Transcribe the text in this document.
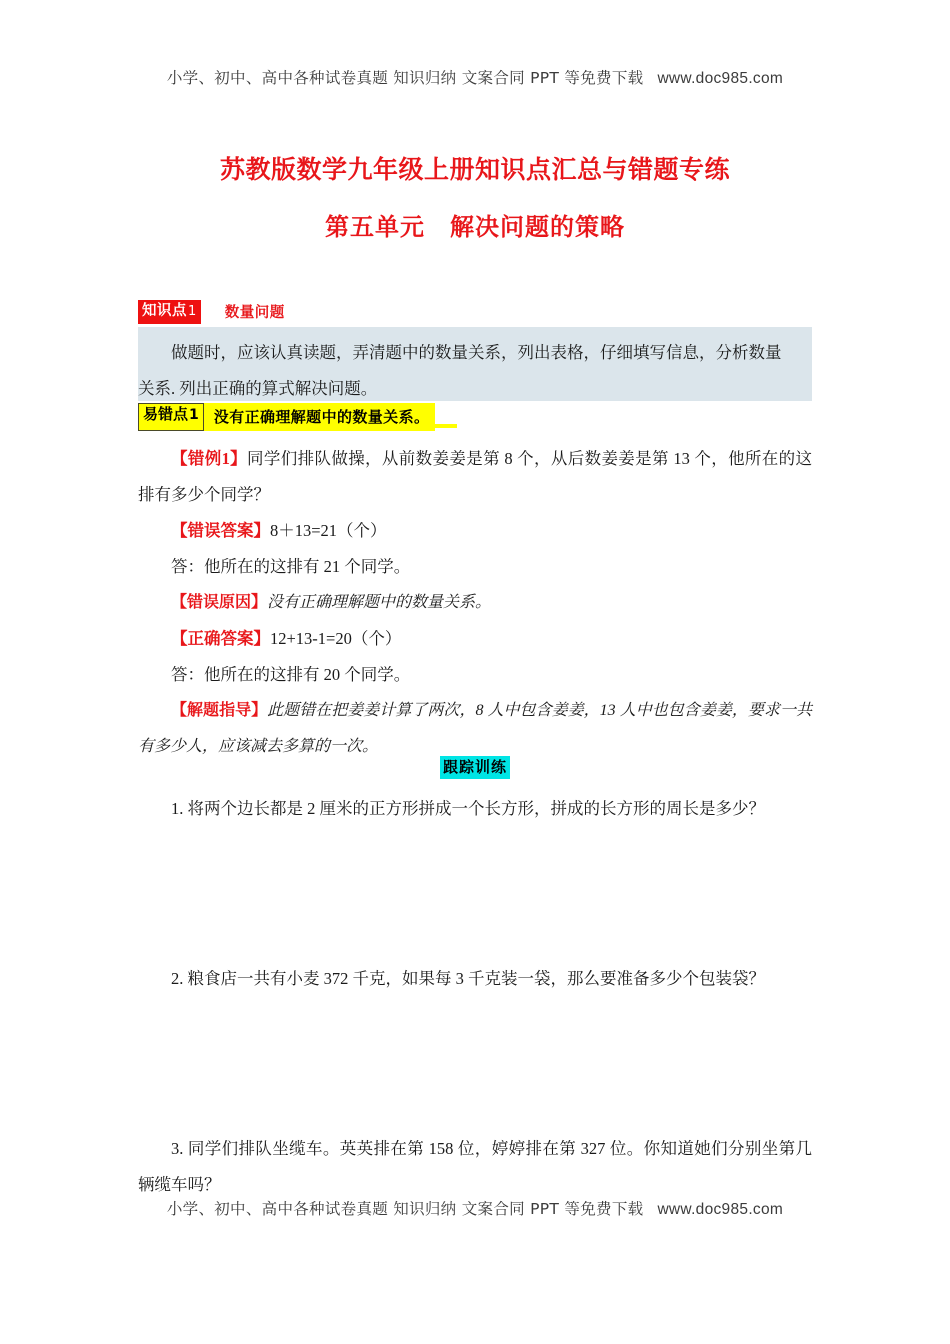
小学、初中、高中各种试卷真题 知识归纳 文案合同 PPT 等免费下载 www.doc985.com
苏教版数学九年级上册知识点汇总与错题专练
第五单元　解决问题的策略
知识点1 数量问题

做题时，应该认真读题，弄清题中的数量关系，列出表格，仔细填写信息，分析数量

关系. 列出正确的算式解决问题。

易错点1	没有正确理解题中的数量关系。

【错例1】同学们排队做操，从前数姜姜是第 8 个，从后数姜姜是第 13 个，他所在的这排有多少个同学？

【错误答案】8＋13=21（个）

答：他所在的这排有 21 个同学。

【错误原因】没有正确理解题中的数量关系。

【正确答案】12+13-1=20（个）

答：他所在的这排有 20 个同学。

【解题指导】此题错在把姜姜计算了两次，8 人中包含姜姜，13 人中也包含姜姜，要求一共有多少人，应该减去多算的一次。

跟踪训练

1. 将两个边长都是 2 厘米的正方形拼成一个长方形，拼成的长方形的周长是多少？

2. 粮食店一共有小麦 372 千克，如果每 3 千克装一袋，那么要准备多少个包装袋？

3. 同学们排队坐缆车。英英排在第 158 位，婷婷排在第 327 位。你知道她们分别坐第几辆缆车吗？

小学、初中、高中各种试卷真题 知识归纳 文案合同 PPT 等免费下载 www.doc985.com
